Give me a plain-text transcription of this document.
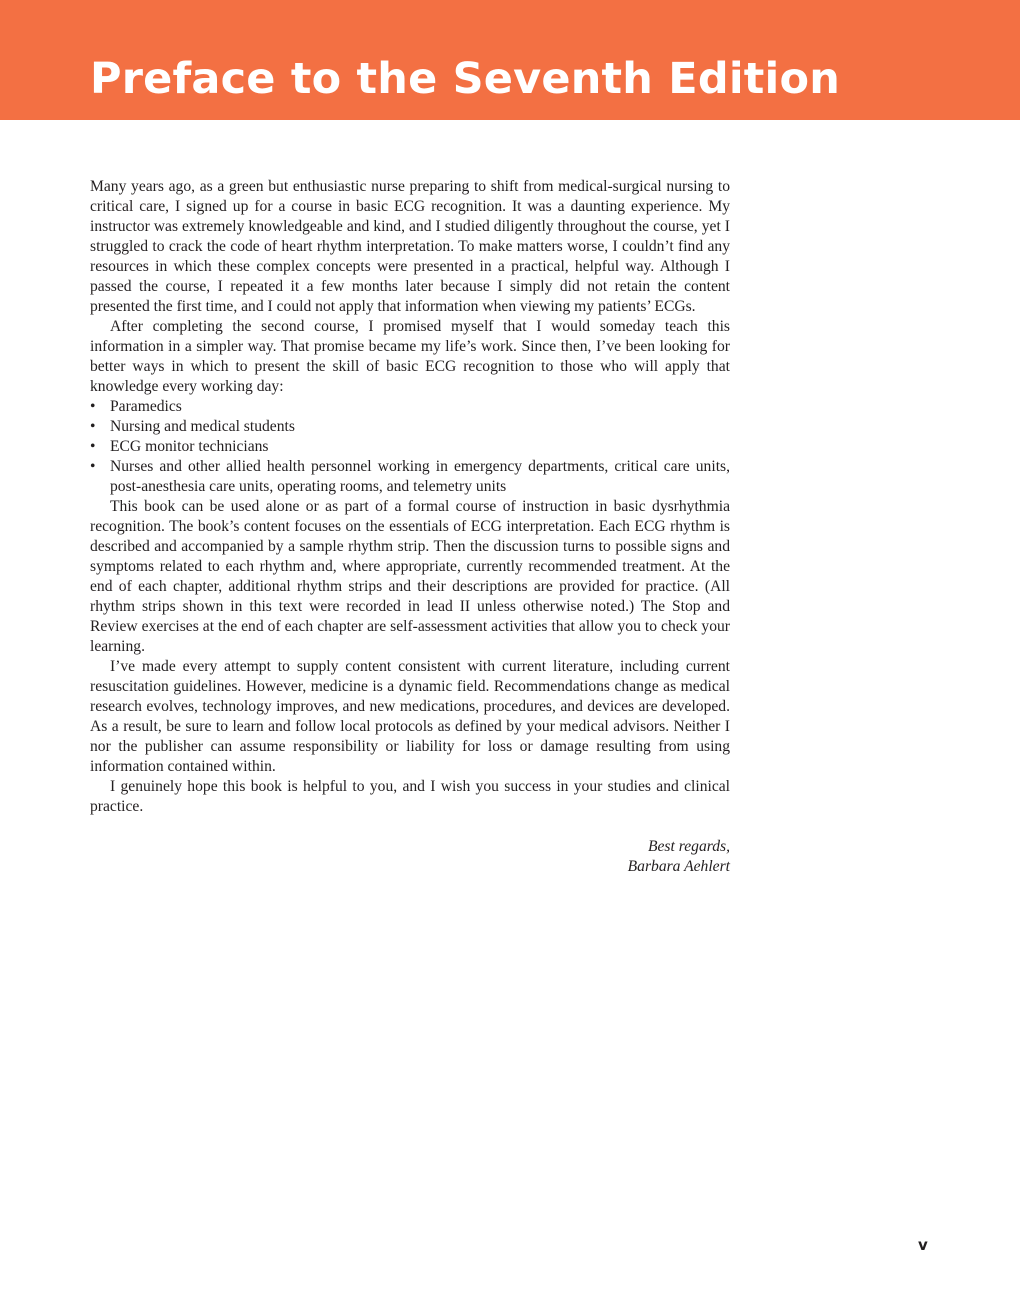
Preface to the Seventh Edition

Many years ago, as a green but enthusiastic nurse preparing to shift from medical-surgical nursing to critical care, I signed up for a course in basic ECG recognition. It was a daunting experience. My instructor was extremely knowledgeable and kind, and I studied diligently throughout the course, yet I struggled to crack the code of heart rhythm interpretation. To make matters worse, I couldn’t find any resources in which these complex concepts were presented in a practical, helpful way. Although I passed the course, I repeated it a few months later because I simply did not retain the content presented the first time, and I could not apply that information when viewing my patients’ ECGs.

After completing the second course, I promised myself that I would someday teach this information in a simpler way. That promise became my life’s work. Since then, I’ve been looking for better ways in which to present the skill of basic ECG recognition to those who will apply that knowledge every working day:

• Paramedics
• Nursing and medical students
• ECG monitor technicians
• Nurses and other allied health personnel working in emergency departments, critical care units, post-anesthesia care units, operating rooms, and telemetry units

This book can be used alone or as part of a formal course of instruction in basic dysrhythmia recognition. The book’s content focuses on the essentials of ECG interpretation. Each ECG rhythm is described and accompanied by a sample rhythm strip. Then the discussion turns to possible signs and symptoms related to each rhythm and, where appropriate, currently recommended treatment. At the end of each chapter, additional rhythm strips and their descriptions are provided for practice. (All rhythm strips shown in this text were recorded in lead II unless otherwise noted.) The Stop and Review exercises at the end of each chapter are self-assessment activities that allow you to check your learning.

I’ve made every attempt to supply content consistent with current literature, including current resuscitation guidelines. However, medicine is a dynamic field. Recommendations change as medical research evolves, technology improves, and new medications, procedures, and devices are developed. As a result, be sure to learn and follow local protocols as defined by your medical advisors. Neither I nor the publisher can assume responsibility or liability for loss or damage resulting from using information contained within.

I genuinely hope this book is helpful to you, and I wish you success in your studies and clinical practice.

Best regards,
Barbara Aehlert
v
